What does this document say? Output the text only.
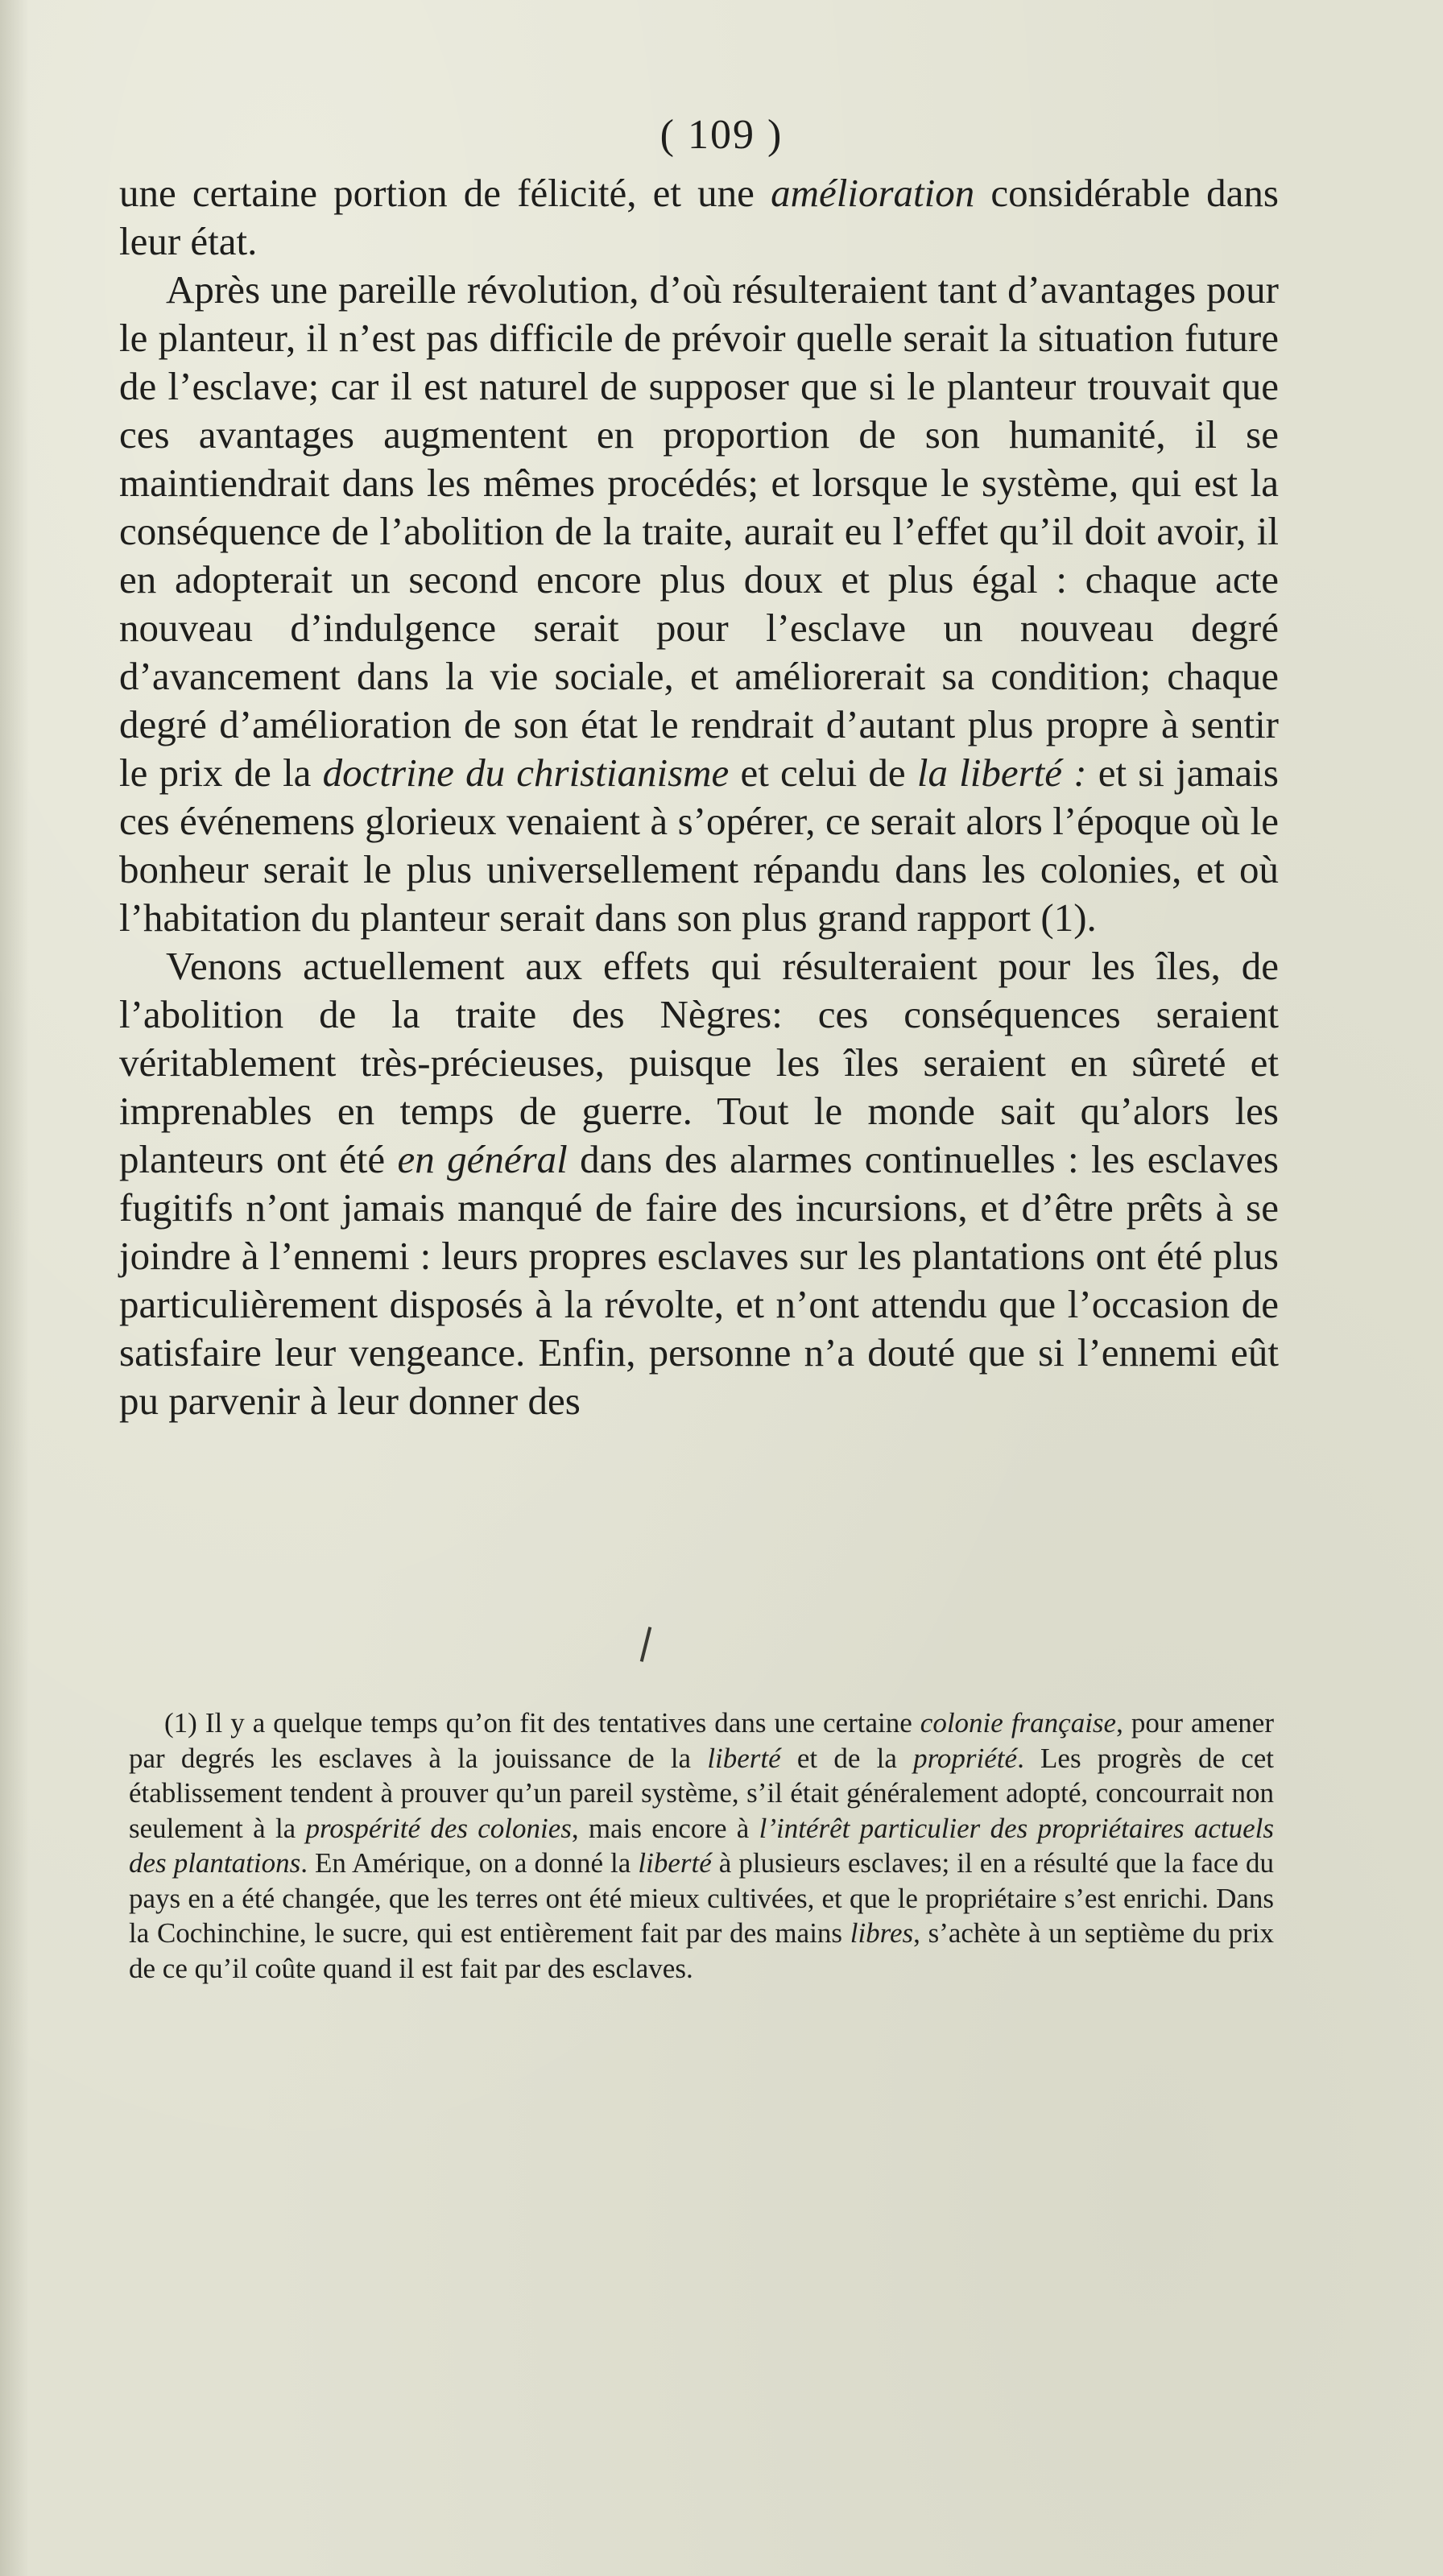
( 109 )

une certaine portion de félicité, et une amélioration considérable dans leur état.

Après une pareille révolution, d’où résulteraient tant d’avantages pour le planteur, il n’est pas difficile de prévoir quelle serait la situation future de l’esclave; car il est naturel de supposer que si le planteur trouvait que ces avantages augmentent en proportion de son humanité, il se maintiendrait dans les mêmes procédés; et lorsque le système, qui est la conséquence de l’abolition de la traite, aurait eu l’effet qu’il doit avoir, il en adopterait un second encore plus doux et plus égal : chaque acte nouveau d’indulgence serait pour l’esclave un nouveau degré d’avancement dans la vie sociale, et améliorerait sa condition; chaque degré d’amélioration de son état le rendrait d’autant plus propre à sentir le prix de la doctrine du christianisme et celui de la liberté : et si jamais ces événemens glorieux venaient à s’opérer, ce serait alors l’époque où le bonheur serait le plus universellement répandu dans les colonies, et où l’habitation du planteur serait dans son plus grand rapport (1).

Venons actuellement aux effets qui résulteraient pour les îles, de l’abolition de la traite des Nègres: ces conséquences seraient véritablement très-précieuses, puisque les îles seraient en sûreté et imprenables en temps de guerre. Tout le monde sait qu’alors les planteurs ont été en général dans des alarmes continuelles : les esclaves fugitifs n’ont jamais manqué de faire des incursions, et d’être prêts à se joindre à l’ennemi : leurs propres esclaves sur les plantations ont été plus particulièrement disposés à la révolte, et n’ont attendu que l’occasion de satisfaire leur vengeance. Enfin, personne n’a douté que si l’ennemi eût pu parvenir à leur donner des

(1) Il y a quelque temps qu’on fit des tentatives dans une certaine colonie française, pour amener par degrés les esclaves à la jouissance de la liberté et de la propriété. Les progrès de cet établissement tendent à prouver qu’un pareil système, s’il était généralement adopté, concourrait non seulement à la prospérité des colonies, mais encore à l’intérêt particulier des propriétaires actuels des plantations. En Amérique, on a donné la liberté à plusieurs esclaves; il en a résulté que la face du pays en a été changée, que les terres ont été mieux cultivées, et que le propriétaire s’est enrichi. Dans la Cochinchine, le sucre, qui est entièrement fait par des mains libres, s’achète à un septième du prix de ce qu’il coûte quand il est fait par des esclaves.
